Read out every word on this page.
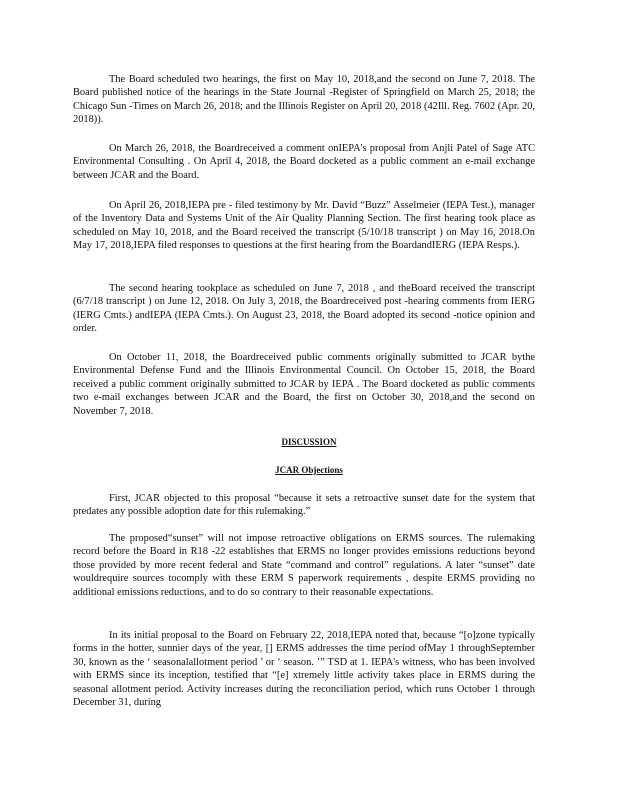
The Board scheduled two hearings, the first on May 10, 2018,and the second on June 7, 2018. The Board published notice of the hearings in the State Journal -Register of Springfield on March 25, 2018; the Chicago Sun -Times on March 26, 2018; and the Illinois Register on April 20, 2018 (42Ill. Reg. 7602 (Apr. 20, 2018)).

On March 26, 2018, the Boardreceived a comment onIEPA's proposal from Anjli Patel of Sage ATC Environmental Consulting . On April 4, 2018, the Board docketed as a public comment an e-mail exchange between JCAR and the Board.

On April 26, 2018,IEPA pre - filed testimony by Mr. David “Buzz” Asselmeier (IEPA Test.), manager of the Inventory Data and Systems Unit of the Air Quality Planning Section. The first hearing took place as scheduled on May 10, 2018, and the Board received the transcript (5/10/18 transcript ) on May 16, 2018.On May 17, 2018,IEPA filed responses to questions at the first hearing from the BoardandIERG (IEPA Resps.).

The second hearing tookplace as scheduled on June 7, 2018 , and theBoard received the transcript (6/7/18 transcript ) on June 12, 2018. On July 3, 2018, the Boardreceived post -hearing comments from IERG (IERG Cmts.) andIEPA (IEPA Cmts.). On August 23, 2018, the Board adopted its second -notice opinion and order.

On October 11, 2018, the Boardreceived public comments originally submitted to JCAR bythe Environmental Defense Fund and the Illinois Environmental Council. On October 15, 2018, the Board received a public comment originally submitted to JCAR by IEPA . The Board docketed as public comments two e-mail exchanges between JCAR and the Board, the first on October 30, 2018,and the second on November 7, 2018.

DISCUSSION

JCAR Objections

First, JCAR objected to this proposal “because it sets a retroactive sunset date for the system that predates any possible adoption date for this rulemaking.”

The proposed“sunset” will not impose retroactive obligations on ERMS sources. The rulemaking record before the Board in R18 -22 establishes that ERMS no longer provides emissions reductions beyond those provided by more recent federal and State “command and control” regulations. A later “sunset” date wouldrequire sources tocomply with these ERM S paperwork requirements , despite ERMS providing no additional emissions reductions, and to do so contrary to their reasonable expectations.

In its initial proposal to the Board on February 22, 2018,IEPA noted that, because “[o]zone typically forms in the hotter, sunnier days of the year, [] ERMS addresses the time period ofMay 1 throughSeptember 30, known as the ‘ seasonalallotment period ’ or ‘ season. ’” TSD at 1. IEPA's witness, who has been involved with ERMS since its inception, testified that “[e] xtremely little activity takes place in ERMS during the seasonal allotment period. Activity increases during the reconciliation period, which runs October 1 through December 31, during
